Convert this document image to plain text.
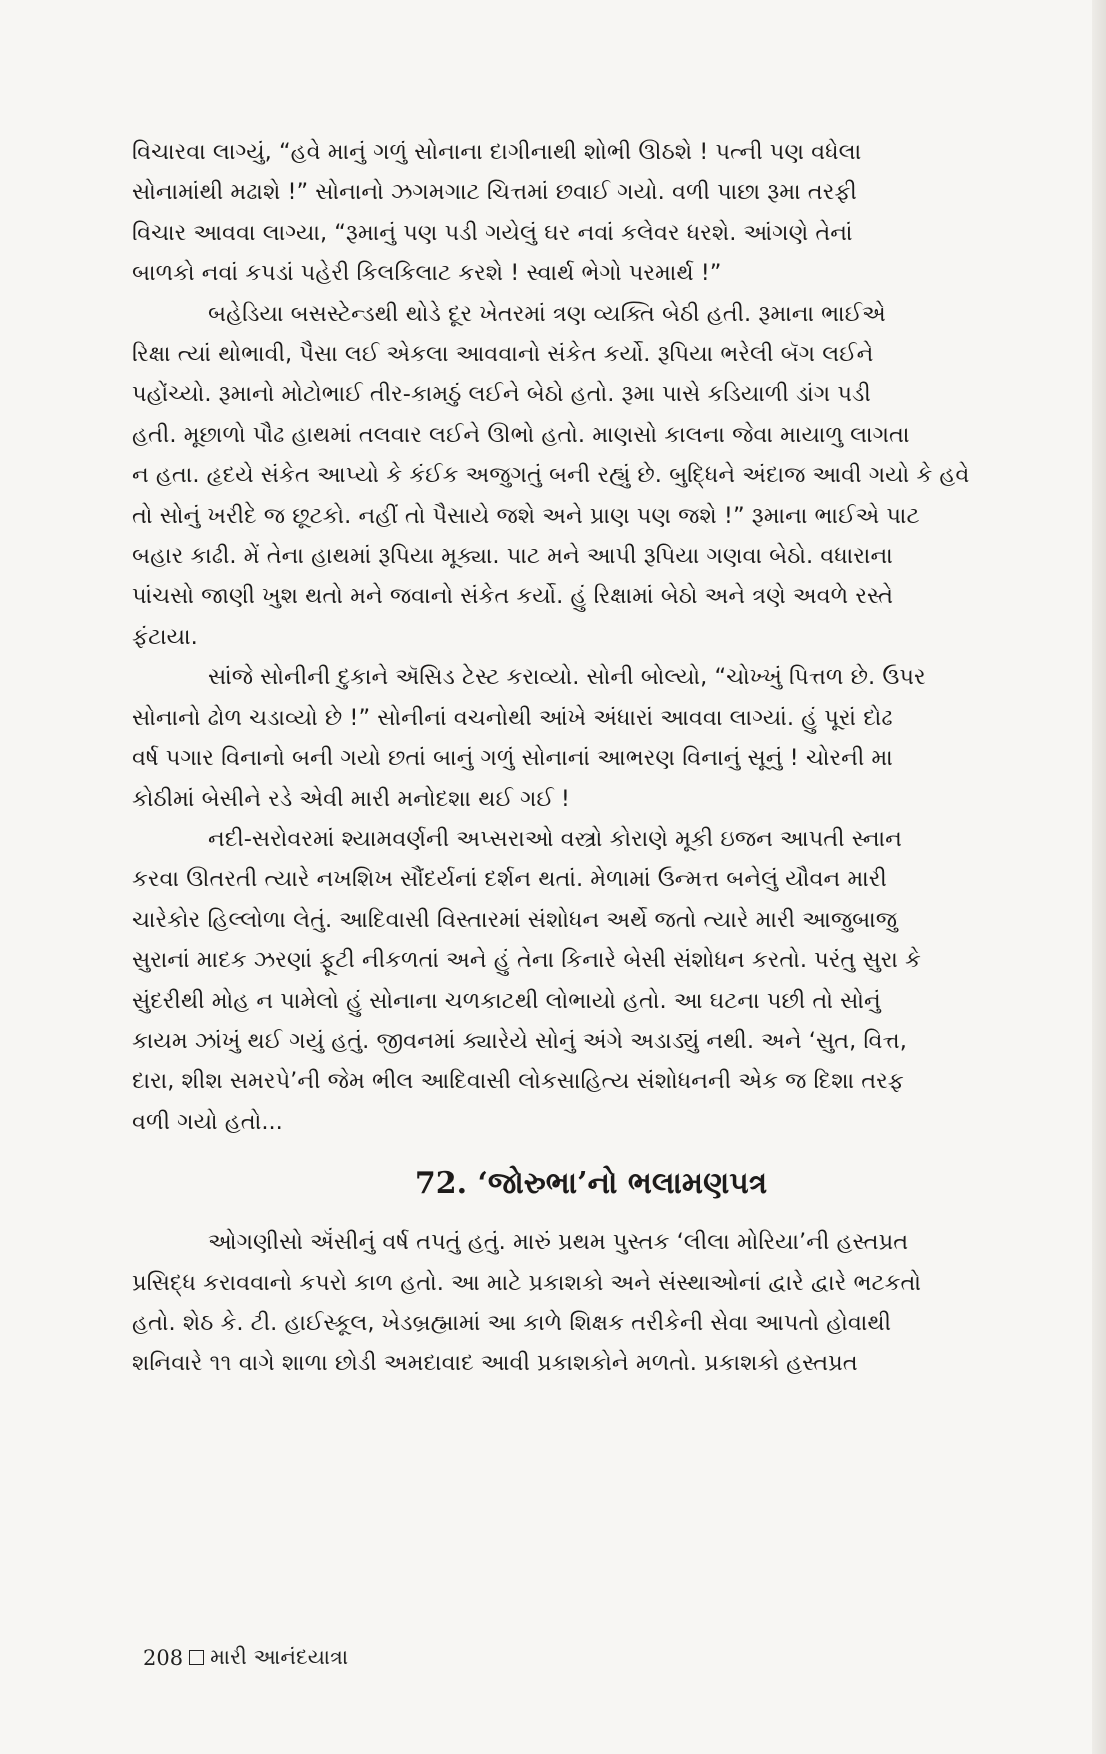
વિચારવા લાગ્યું, “હવે માનું ગળું સોનાના દાગીનાથી શોભી ઊઠશે ! પત્ની પણ વધેલા
સોનામાંથી મઢાશે !” સોનાનો ઝગમગાટ ચિત્તમાં છવાઈ ગયો. વળી પાછા રૂમા તરફી
વિચાર આવવા લાગ્યા, “રૂમાનું પણ પડી ગયેલું ઘર નવાં કલેવર ધરશે. આંગણે તેનાં
બાળકો નવાં કપડાં પહેરી કિલકિલાટ કરશે ! સ્વાર્થ ભેગો પરમાર્થ !”

બહેડિયા બસસ્ટેન્ડથી થોડે દૂર ખેતરમાં ત્રણ વ્યક્તિ બેઠી હતી. રૂમાના ભાઈએ
રિક્ષા ત્યાં થોભાવી, પૈસા લઈ એકલા આવવાનો સંકેત કર્યો. રૂપિયા ભરેલી બૅગ લઈને
પહોંચ્યો. રૂમાનો મોટોભાઈ તીર-કામઠું લઈને બેઠો હતો. રૂમા પાસે કડિયાળી ડાંગ પડી
હતી. મૂછાળો પૌઢ હાથમાં તલવાર લઈને ઊભો હતો. માણસો કાલના જેવા માયાળુ લાગતા
ન હતા. હૃદયે સંકેત આપ્યો કે કંઈક અજુગતું બની રહ્યું છે. બુદ્ધિને અંદાજ આવી ગયો કે હવે
તો સોનું ખરીદે જ છૂટકો. નહીં તો પૈસાયે જશે અને પ્રાણ પણ જશે !” રૂમાના ભાઈએ પાટ
બહાર કાઢી. મેં તેના હાથમાં રૂપિયા મૂક્યા. પાટ મને આપી રૂપિયા ગણવા બેઠો. વધારાના
પાંચસો જાણી ખુશ થતો મને જવાનો સંકેત કર્યો. હું રિક્ષામાં બેઠો અને ત્રણે અવળે રસ્તે
ફંટાયા.

સાંજે સોનીની દુકાને ઍસિડ ટેસ્ટ કરાવ્યો. સોની બોલ્યો, “ચોખ્ખું પિત્તળ છે. ઉપર
સોનાનો ઢોળ ચડાવ્યો છે !” સોનીનાં વચનોથી આંખે અંધારાં આવવા લાગ્યાં. હું પૂરાં દોઢ
વર્ષ પગાર વિનાનો બની ગયો છતાં બાનું ગળું સોનાનાં આભરણ વિનાનું સૂનું ! ચોરની મા
કોઠીમાં બેસીને રડે એવી મારી મનોદશા થઈ ગઈ !

નદી-સરોવરમાં શ્યામવર્ણની અપ્સરાઓ વસ્ત્રો કોરાણે મૂકી ઇજન આપતી સ્નાન
કરવા ઊતરતી ત્યારે નખશિખ સૌંદર્યનાં દર્શન થતાં. મેળામાં ઉન્મત્ત બનેલું યૌવન મારી
ચારેકોર હિલ્લોળા લેતું. આદિવાસી વિસ્તારમાં સંશોધન અર્થે જતો ત્યારે મારી આજુબાજુ
સુરાનાં માદક ઝરણાં ફૂટી નીકળતાં અને હું તેના કિનારે બેસી સંશોધન કરતો. પરંતુ સુરા કે
સુંદરીથી મોહ ન પામેલો હું સોનાના ચળકાટથી લોભાયો હતો. આ ઘટના પછી તો સોનું
કાયમ ઝાંખું થઈ ગયું હતું. જીવનમાં ક્યારેયે સોનું અંગે અડાડ્યું નથી. અને ‘સુત, વિત્ત,
દારા, શીશ સમરપે’ની જેમ ભીલ આદિવાસી લોકસાહિત્ય સંશોધનની એક જ દિશા તરફ
વળી ગયો હતો...

72. ‘જોરુભા’નો ભલામણપત્ર

ઓગણીસો ઍંસીનું વર્ષ તપતું હતું. મારું પ્રથમ પુસ્તક ‘લીલા મોરિયા’ની હસ્તપ્રત
પ્રસિદ્ધ કરાવવાનો કપરો કાળ હતો. આ માટે પ્રકાશકો અને સંસ્થાઓનાં દ્વારે દ્વારે ભટકતો
હતો. શેઠ કે. ટી. હાઈસ્કૂલ, ખેડબ્રહ્મામાં આ કાળે શિક્ષક તરીકેની સેવા આપતો હોવાથી
શનિવારે ૧૧ વાગે શાળા છોડી અમદાવાદ આવી પ્રકાશકોને મળતો. પ્રકાશકો હસ્તપ્રત

208 મારી આનંદયાત્રા
